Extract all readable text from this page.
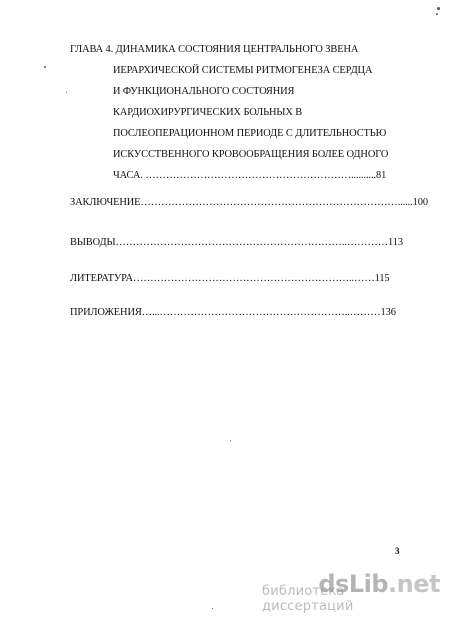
ГЛАВА 4. ДИНАМИКА СОСТОЯНИЯ ЦЕНТРАЛЬНОГО ЗВЕНА
ИЕРАРХИЧЕСКОЙ СИСТЕМЫ РИТМОГЕНЕЗА СЕРДЦА
И ФУНКЦИОНАЛЬНОГО СОСТОЯНИЯ
КАРДИОХИРУРГИЧЕСКИХ БОЛЬНЫХ В
ПОСЛЕОПЕРАЦИОННОМ ПЕРИОДЕ С ДЛИТЕЛЬНОСТЬЮ
ИСКУССТВЕННОГО КРОВООБРАЩЕНИЯ БОЛЕЕ ОДНОГО
ЧАСА. ……………………………………………………..........81
ЗАКЛЮЧЕНИЕ…………………………………………………………………......100
ВЫВОДЫ…………………………………………………………..…………113
ЛИТЕРАТУРА………………………………………………………..……115
ПРИЛОЖЕНИЯ…...………………………………………………..………136
3
dsLib.net
библиотека диссертаций
